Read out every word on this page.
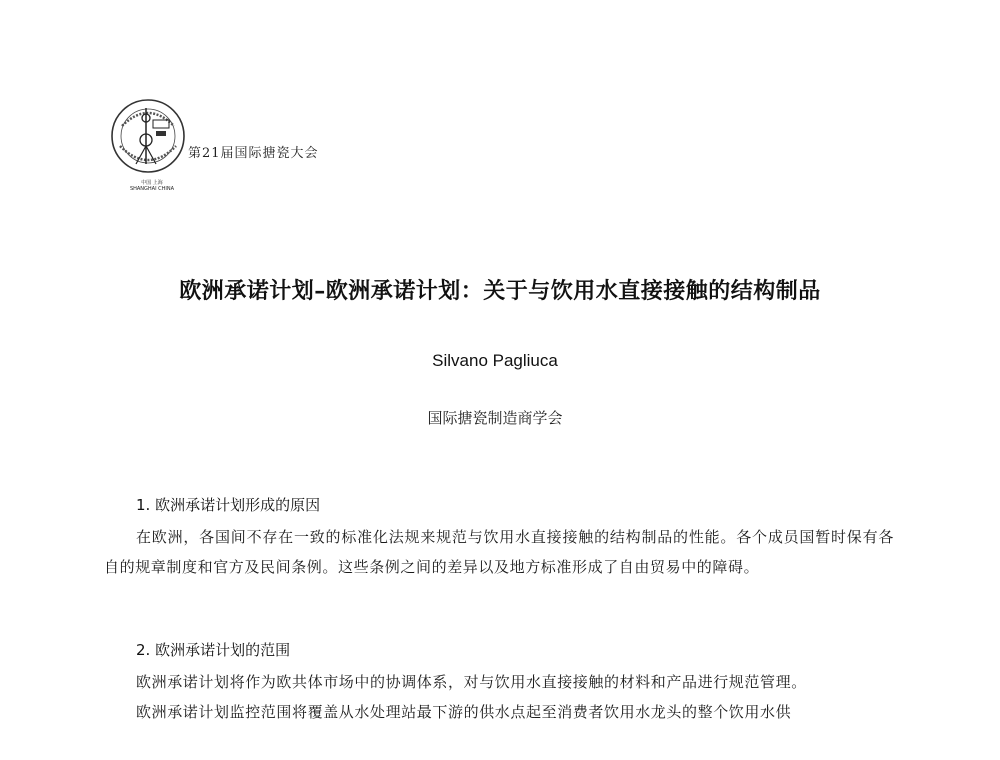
第21届国际搪瓷大会
中国 上海
SHANGHAI CHINA
欧洲承诺计划–欧洲承诺计划：关于与饮用水直接接触的结构制品
Silvano Pagliuca
国际搪瓷制造商学会
1. 欧洲承诺计划形成的原因

在欧洲，各国间不存在一致的标准化法规来规范与饮用水直接接触的结构制品的性能。各个成员国暂时保有各自的规章制度和官方及民间条例。这些条例之间的差异以及地方标准形成了自由贸易中的障碍。

2. 欧洲承诺计划的范围

欧洲承诺计划将作为欧共体市场中的协调体系，对与饮用水直接接触的材料和产品进行规范管理。

欧洲承诺计划监控范围将覆盖从水处理站最下游的供水点起至消费者饮用水龙头的整个饮用水供
